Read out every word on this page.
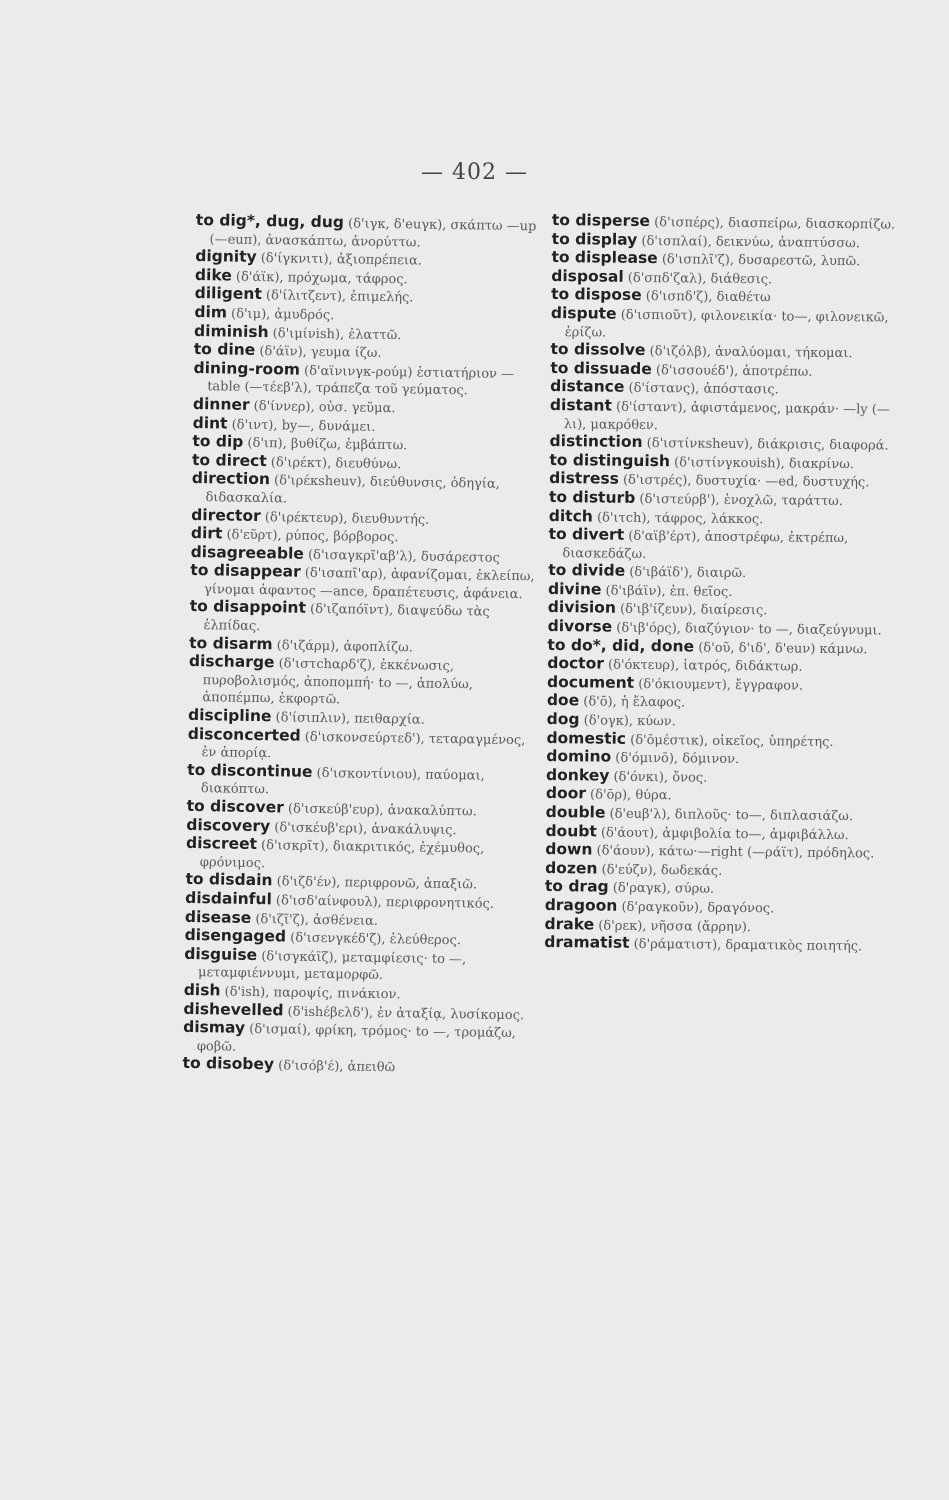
— 402 —

to dig*, dug, dug (δ'ιγκ, δ'euγκ), σκάπτω —up (—euπ), ἀνασκάπτω, ἀνορύττω.

dignity (δ'ίγκνιτι), ἀξιοπρέπεια.

dike (δ'άϊκ), πρόχωμα, τάφρος.

diligent (δ'ίλιτζεντ), ἐπιμελής.

dim (δ'ιμ), ἀμυδρός.

diminish (δ'ιμίνish), ἐλαττῶ.

to dine (δ'άϊν), γευμα ίζω.

dining-room (δ'αϊνινγκ-ρούμ) ἑστιατήριον —table (—τέεβ'λ), τράπεζα τοῦ γεύματος.

dinner (δ'ίννερ), οὐσ. γεῦμα.

dint (δ'ιντ), by—, δυνάμει.

to dip (δ'ιπ), βυθίζω, ἐμβάπτω.

to direct (δ'ιρέκτ), διευθύνω.

direction (δ'ιρέκsheuv), διεύθυνσις, ὁδηγία, διδασκαλία.

director (δ'ιρέκτευρ), διευθυντής.

dirt (δ'εῦρτ), ρύπος, βόρβορος.

disagreeable (δ'ισαγκρῖ'αβ'λ), δυσάρεστος

to disappear (δ'ισαπῖ'αρ), ἀφανίζομαι, ἐκλείπω, γίνομαι ἀφαντος —ance, δραπέτευσις, ἀφάνεια.

to disappoint (δ'ιζαπόϊντ), διαψεύδω τὰς ἐλπίδας.

to disarm (δ'ιζάρμ), ἀφοπλίζω.

discharge (δ'ιστchαρδ'ζ), ἐκκένωσις, πυροβολισμός, ἀποπομπή· to —, ἀπολύω, ἀποπέμπω, ἐκφορτῶ.

discipline (δ'ίσιπλιν), πειθαρχία.

disconcerted (δ'ισκονσεύρτεδ'), τεταραγμένος, ἐν ἀπορίᾳ.

to discontinue (δ'ισκοντίνιου), παύομαι, διακόπτω.

to discover (δ'ισκεύβ'ευρ), ἀνακαλύπτω.

discovery (δ'ισκέυβ'ερι), ἀνακάλυψις.

discreet (δ'ισκρῖτ), διακριτικός, ἐχέμυθος, φρόνιμος.

to disdain (δ'ιζδ'έν), περιφρονῶ, ἀπαξιῶ.

disdainful (δ'ισδ'αίνφουλ), περιφρονητικός.

disease (δ'ιζῖ'ζ), ἀσθένεια.

disengaged (δ'ισενγκέδ'ζ), ἐλεύθερος.

disguise (δ'ισγκάϊζ), μεταμφίεσις· to —, μεταμφιέννυμι, μεταμορφῶ.

dish (δ'ish), παροψίς, πινάκιον.

dishevelled (δ'ishέβελδ'), ἐν ἀταξίᾳ, λυσίκομος.

dismay (δ'ισμαί), φρίκη, τρόμος· to —, τρομάζω, φοβῶ.

to disobey (δ'ισόβ'έ), ἀπειθῶ

to disperse (δ'ισπέρς), διασπείρω, διασκορπίζω.

to display (δ'ισπλαί), δεικνύω, ἀναπτύσσω.

to displease (δ'ισπλῖ'ζ), δυσαρεστῶ, λυπῶ.

disposal (δ'σπδ'ζαλ), διάθεσις.

to dispose (δ'ισπδ'ζ), διαθέτω

dispute (δ'ισπιοῦτ), φιλονεικία· to—, φιλονεικῶ, ἐρίζω.

to dissolve (δ'ιζόλβ), ἀναλύομαι, τήκομαι.

to dissuade (δ'ισσουέδ'), ἀποτρέπω.

distance (δ'ίστανς), ἀπόστασις.

distant (δ'ίσταντ), ἀφιστάμενος, μακράν· —ly (—λι), μακρόθεν.

distinction (δ'ιστίνκsheuv), διάκρισις, διαφορά.

to distinguish (δ'ιστίνγκουish), διακρίνω.

distress (δ'ιστρές), δυστυχία· —ed, δυστυχής.

to disturb (δ'ιστεύρβ'), ἐνοχλῶ, ταράττω.

ditch (δ'ιτch), τάφρος, λάκκος.

to divert (δ'αϊβ'έρτ), ἀποστρέφω, ἐκτρέπω, διασκεδάζω.

to divide (δ'ιβάϊδ'), διαιρῶ.

divine (δ'ιβάϊν), ἐπ. θεῖος.

division (δ'ιβ'ίζευν), διαίρεσις.

divorse (δ'ιβ'όρς), διαζύγιον· to —, διαζεύγνυμι.

to do*, did, done (δ'οῦ, δ'ιδ', δ'euν) κάμνω.

doctor (δ'όκτευρ), ἰατρός, διδάκτωρ.

document (δ'όκιουμεντ), ἔγγραφον.

doe (δ'ō), ἡ ἔλαφος.

dog (δ'ογκ), κύων.

domestic (δ'ōμέστικ), οἰκεῖος, ὑπηρέτης.

domino (δ'όμινō), δόμινον.

donkey (δ'όνκι), ὄνος.

door (δ'ōρ), θύρα.

double (δ'euβ'λ), διπλοῦς· to—, διπλασιάζω.

doubt (δ'άουτ), ἀμφιβολία to—, ἀμφιβάλλω.

down (δ'άουν), κάτω·—right (—ράϊτ), πρόδηλος.

dozen (δ'εύζν), δωδεκάς.

to drag (δ'ραγκ), σύρω.

dragoon (δ'ραγκοῦν), δραγόνος.

drake (δ'ρεκ), νῆσσα (ἄρρην).

dramatist (δ'ράματιστ), δραματικὸς ποιητής.
